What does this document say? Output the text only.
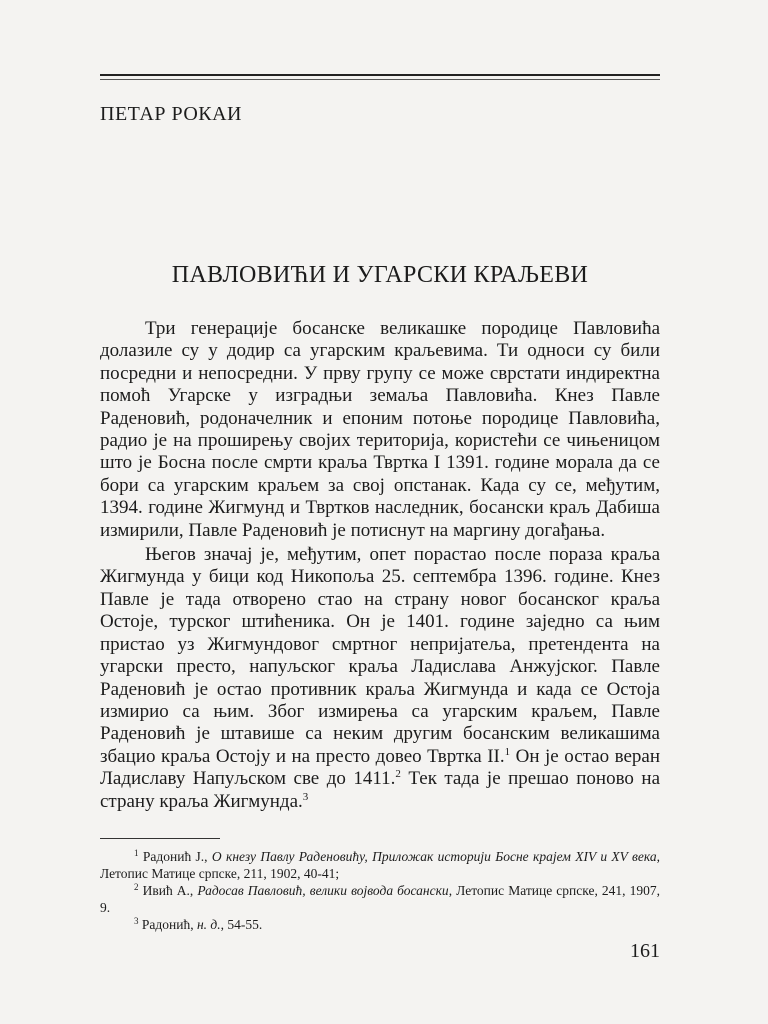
ПЕТАР РОКАИ
ПАВЛОВИЋИ И УГАРСКИ КРАЉЕВИ

Три генерације босанске великашке породице Павловића долазиле су у додир са угарским краљевима. Ти односи су били посредни и непосредни. У прву групу се може сврстати индиректна помоћ Угарске у изградњи земаља Павловића. Кнез Павле Раденовић, родоначелник и епоним потоње породице Павловића, радио је на проширењу својих територија, користећи се чињеницом што је Босна после смрти краља Твртка I 1391. године морала да се бори са угарским краљем за свој опстанак. Када су се, међутим, 1394. године Жигмунд и Твртков наследник, босански краљ Дабиша измирили, Павле Раденовић је потиснут на маргину догађања.

Његов значај је, међутим, опет порастао после пораза краља Жигмунда у бици код Никопоља 25. септембра 1396. године. Кнез Павле је тада отворено стао на страну новог босанског краља Остоје, турског штићеника. Он је 1401. године заједно са њим пристао уз Жигмундовог смртног непријатеља, претендента на угарски престо, напуљског краља Ладислава Анжујског. Павле Раденовић је остао противник краља Жигмунда и када се Остоја измирио са њим. Због измирења са угарским краљем, Павле Раденовић је штавише са неким другим босанским великашима збацио краља Остоју и на престо довео Твртка II.$^1$ Он је остао веран Ладиславу Напуљском све до 1411.$^2$ Тек тада је прешао поново на страну краља Жигмунда.$^3$

$^1$ Радонић Ј., О кнезу Павлу Раденовићу, Приложак историји Босне крајем XIV и XV века, Летопис Матице српске, 211, 1902, 40-41;

$^2$ Ивић А., Радосав Павловић, велики војвода босански, Летопис Матице српске, 241, 1907, 9.

$^3$ Радонић, н. д., 54-55.

161
